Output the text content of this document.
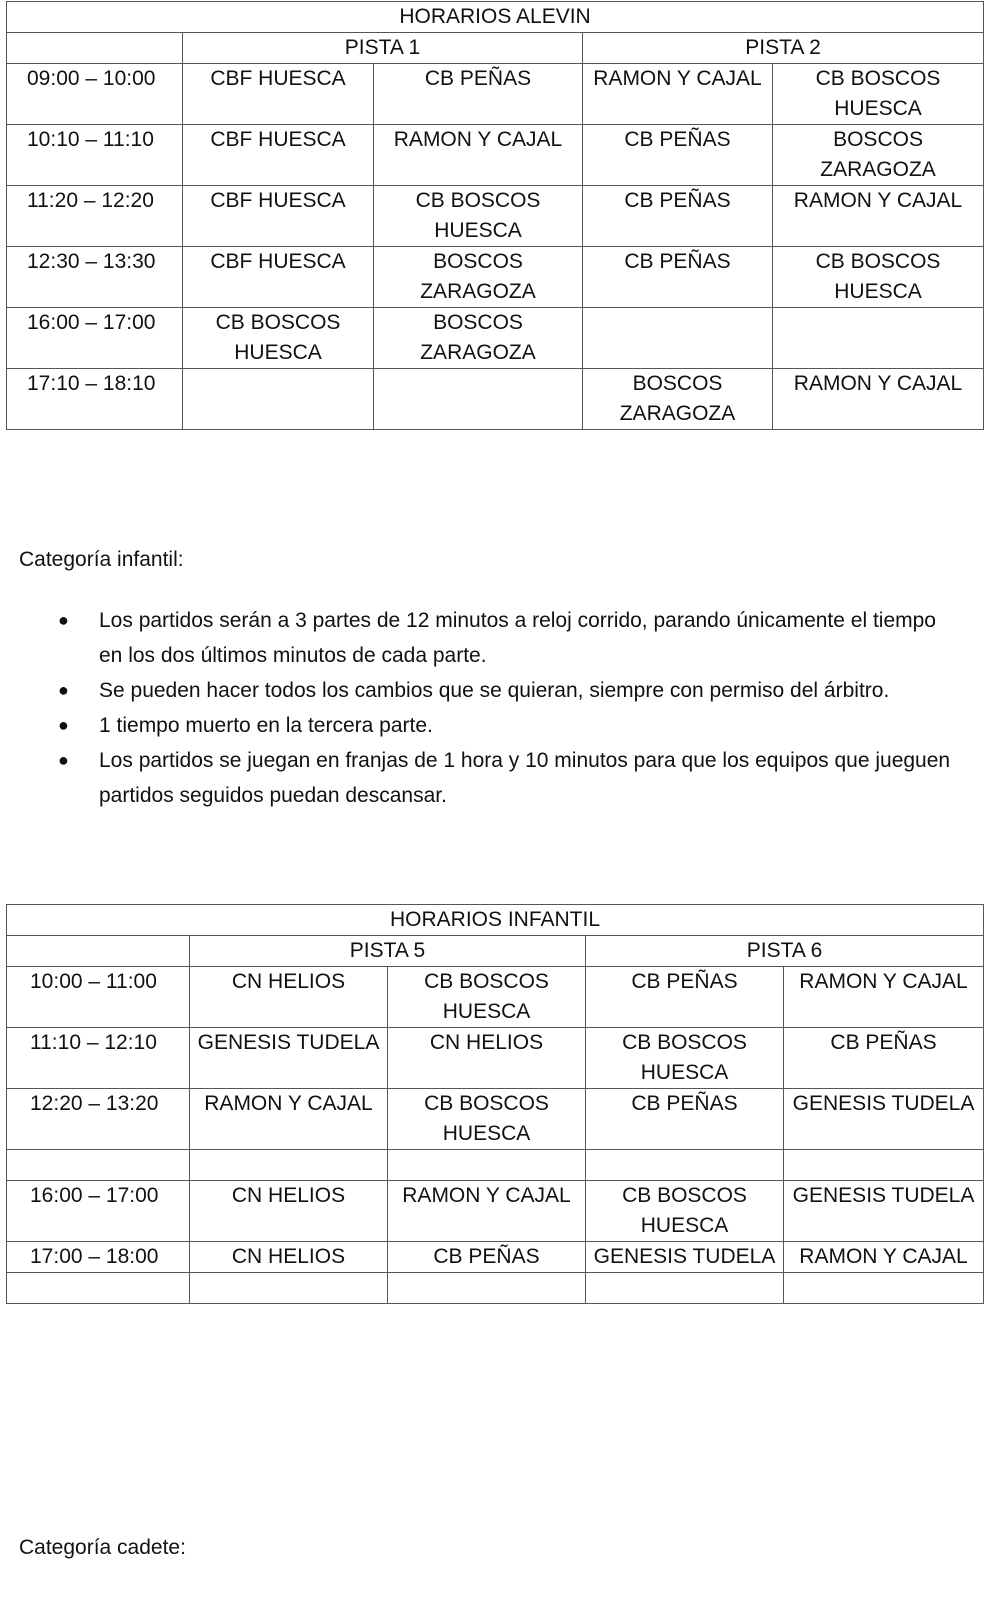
HORARIOS ALEVIN				
	PISTA 1		PISTA 2	
09:00 – 10:00	CBF HUESCA	CB PEÑAS	RAMON Y CAJAL	CB BOSCOS HUESCA
10:10 – 11:10	CBF HUESCA	RAMON Y CAJAL	CB PEÑAS	BOSCOS ZARAGOZA
11:20 – 12:20	CBF HUESCA	CB BOSCOS HUESCA	CB PEÑAS	RAMON Y CAJAL
12:30 – 13:30	CBF HUESCA	BOSCOS ZARAGOZA	CB PEÑAS	CB BOSCOS HUESCA
16:00 – 17:00	CB BOSCOS HUESCA	BOSCOS ZARAGOZA		
17:10 – 18:10			BOSCOS ZARAGOZA	RAMON Y CAJAL
Categoría infantil:
● Los partidos serán a 3 partes de 12 minutos a reloj corrido, parando únicamente el tiempo en los dos últimos minutos de cada parte.
● Se pueden hacer todos los cambios que se quieran, siempre con permiso del árbitro.
● 1 tiempo muerto en la tercera parte.
● Los partidos se juegan en franjas de 1 hora y 10 minutos para que los equipos que jueguen partidos seguidos puedan descansar.
HORARIOS INFANTIL				
	PISTA 5		PISTA 6	
10:00 – 11:00	CN HELIOS	CB BOSCOS HUESCA	CB PEÑAS	RAMON Y CAJAL
11:10 – 12:10	GENESIS TUDELA	CN HELIOS	CB BOSCOS HUESCA	CB PEÑAS
12:20 – 13:20	RAMON Y CAJAL	CB BOSCOS HUESCA	CB PEÑAS	GENESIS TUDELA

16:00 – 17:00	CN HELIOS	RAMON Y CAJAL	CB BOSCOS HUESCA	GENESIS TUDELA
17:00 – 18:00	CN HELIOS	CB PEÑAS	GENESIS TUDELA	RAMON Y CAJAL

Categoría cadete:
